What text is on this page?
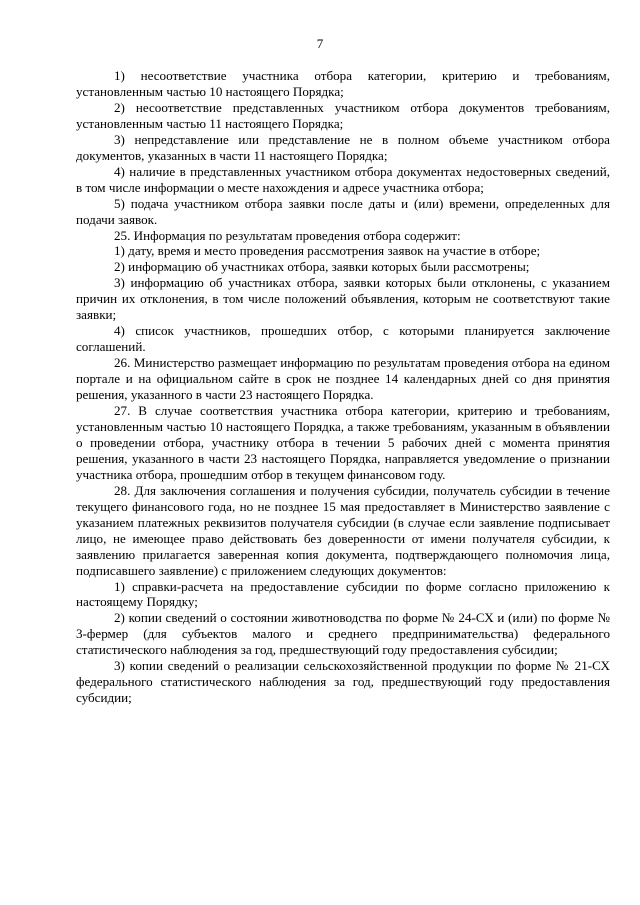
7

1) несоответствие участника отбора категории, критерию и требованиям, установленным частью 10 настоящего Порядка;

2) несоответствие представленных участником отбора документов требованиям, установленным частью 11 настоящего Порядка;

3) непредставление или представление не в полном объеме участником отбора документов, указанных в части 11 настоящего Порядка;

4) наличие в представленных участником отбора документах недостоверных сведений, в том числе информации о месте нахождения и адресе участника отбора;

5) подача участником отбора заявки после даты и (или) времени, определенных для подачи заявок.

25. Информация по результатам проведения отбора содержит:

1) дату, время и место проведения рассмотрения заявок на участие в отборе;

2) информацию об участниках отбора, заявки которых были рассмотрены;

3) информацию об участниках отбора, заявки которых были отклонены, с указанием причин их отклонения, в том числе положений объявления, которым не соответствуют такие заявки;

4) список участников, прошедших отбор, с которыми планируется заключение соглашений.

26. Министерство размещает информацию по результатам проведения отбора на едином портале и на официальном сайте в срок не позднее 14 календарных дней со дня принятия решения, указанного в части 23 настоящего Порядка.

27. В случае соответствия участника отбора категории, критерию и требованиям, установленным частью 10 настоящего Порядка, а также требованиям, указанным в объявлении о проведении отбора, участнику отбора в течении 5 рабочих дней с момента принятия решения, указанного в части 23 настоящего Порядка, направляется уведомление о признании участника отбора, прошедшим отбор в текущем финансовом году.

28. Для заключения соглашения и получения субсидии, получатель субсидии в течение текущего финансового года, но не позднее 15 мая предоставляет в Министерство заявление с указанием платежных реквизитов получателя субсидии (в случае если заявление подписывает лицо, не имеющее право действовать без доверенности от имени получателя субсидии, к заявлению прилагается заверенная копия документа, подтверждающего полномочия лица, подписавшего заявление) с приложением следующих документов:

1) справки-расчета на предоставление субсидии по форме согласно приложению к настоящему Порядку;

2) копии сведений о состоянии животноводства по форме № 24-СХ и (или) по форме № 3-фермер (для субъектов малого и среднего предпринимательства) федерального статистического наблюдения за год, предшествующий году предоставления субсидии;

3) копии сведений о реализации сельскохозяйственной продукции по форме № 21-СХ федерального статистического наблюдения за год, предшествующий году предоставления субсидии;
